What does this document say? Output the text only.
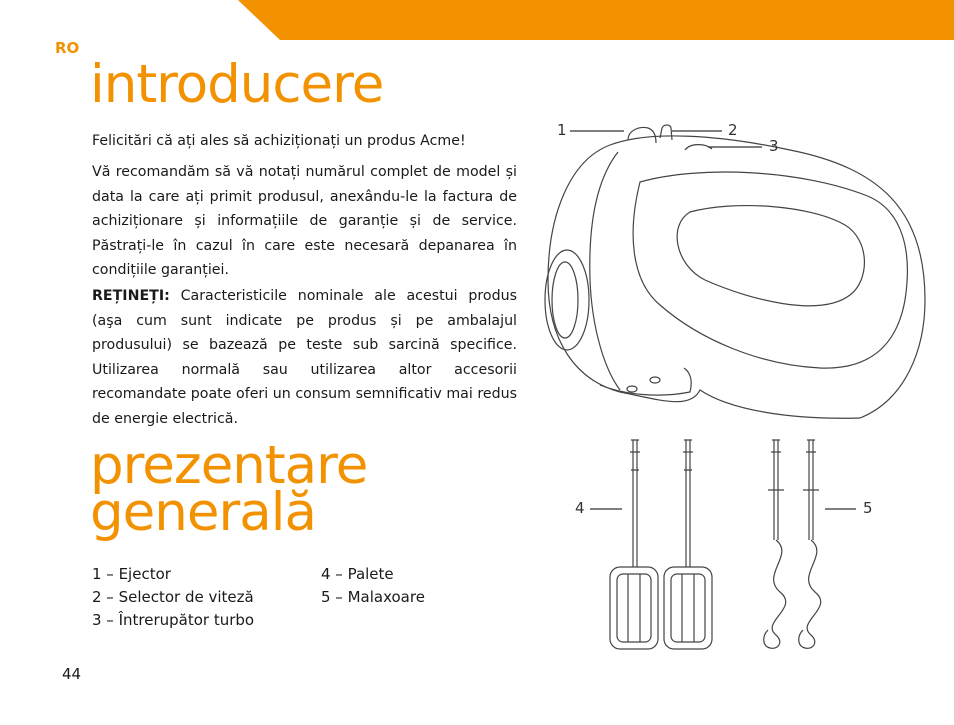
RO
introducere

Felicitări că ați ales să achiziționați un produs Acme!

Vă recomandăm să vă notați numărul complet de model și data la care ați primit produsul, anexându-le la factura de achiziționare și informațiile de garanție și de service. Păstrați-le în cazul în care este necesară depanarea în condițiile garanției.

REȚINEȚI: Caracteristicile nominale ale acestui produs (aşa cum sunt indicate pe produs și pe ambalajul produsului) se bazează pe teste sub sarcină specifice. Utilizarea normală sau utilizarea altor accesorii recomandate poate oferi un consum semnificativ mai redus de energie electrică.

prezentare
generală
1 – Ejector
2 – Selector de viteză
3 – Întrerupător turbo
4 – Palete
5 – Malaxoare
44
1	2
3
4	5
